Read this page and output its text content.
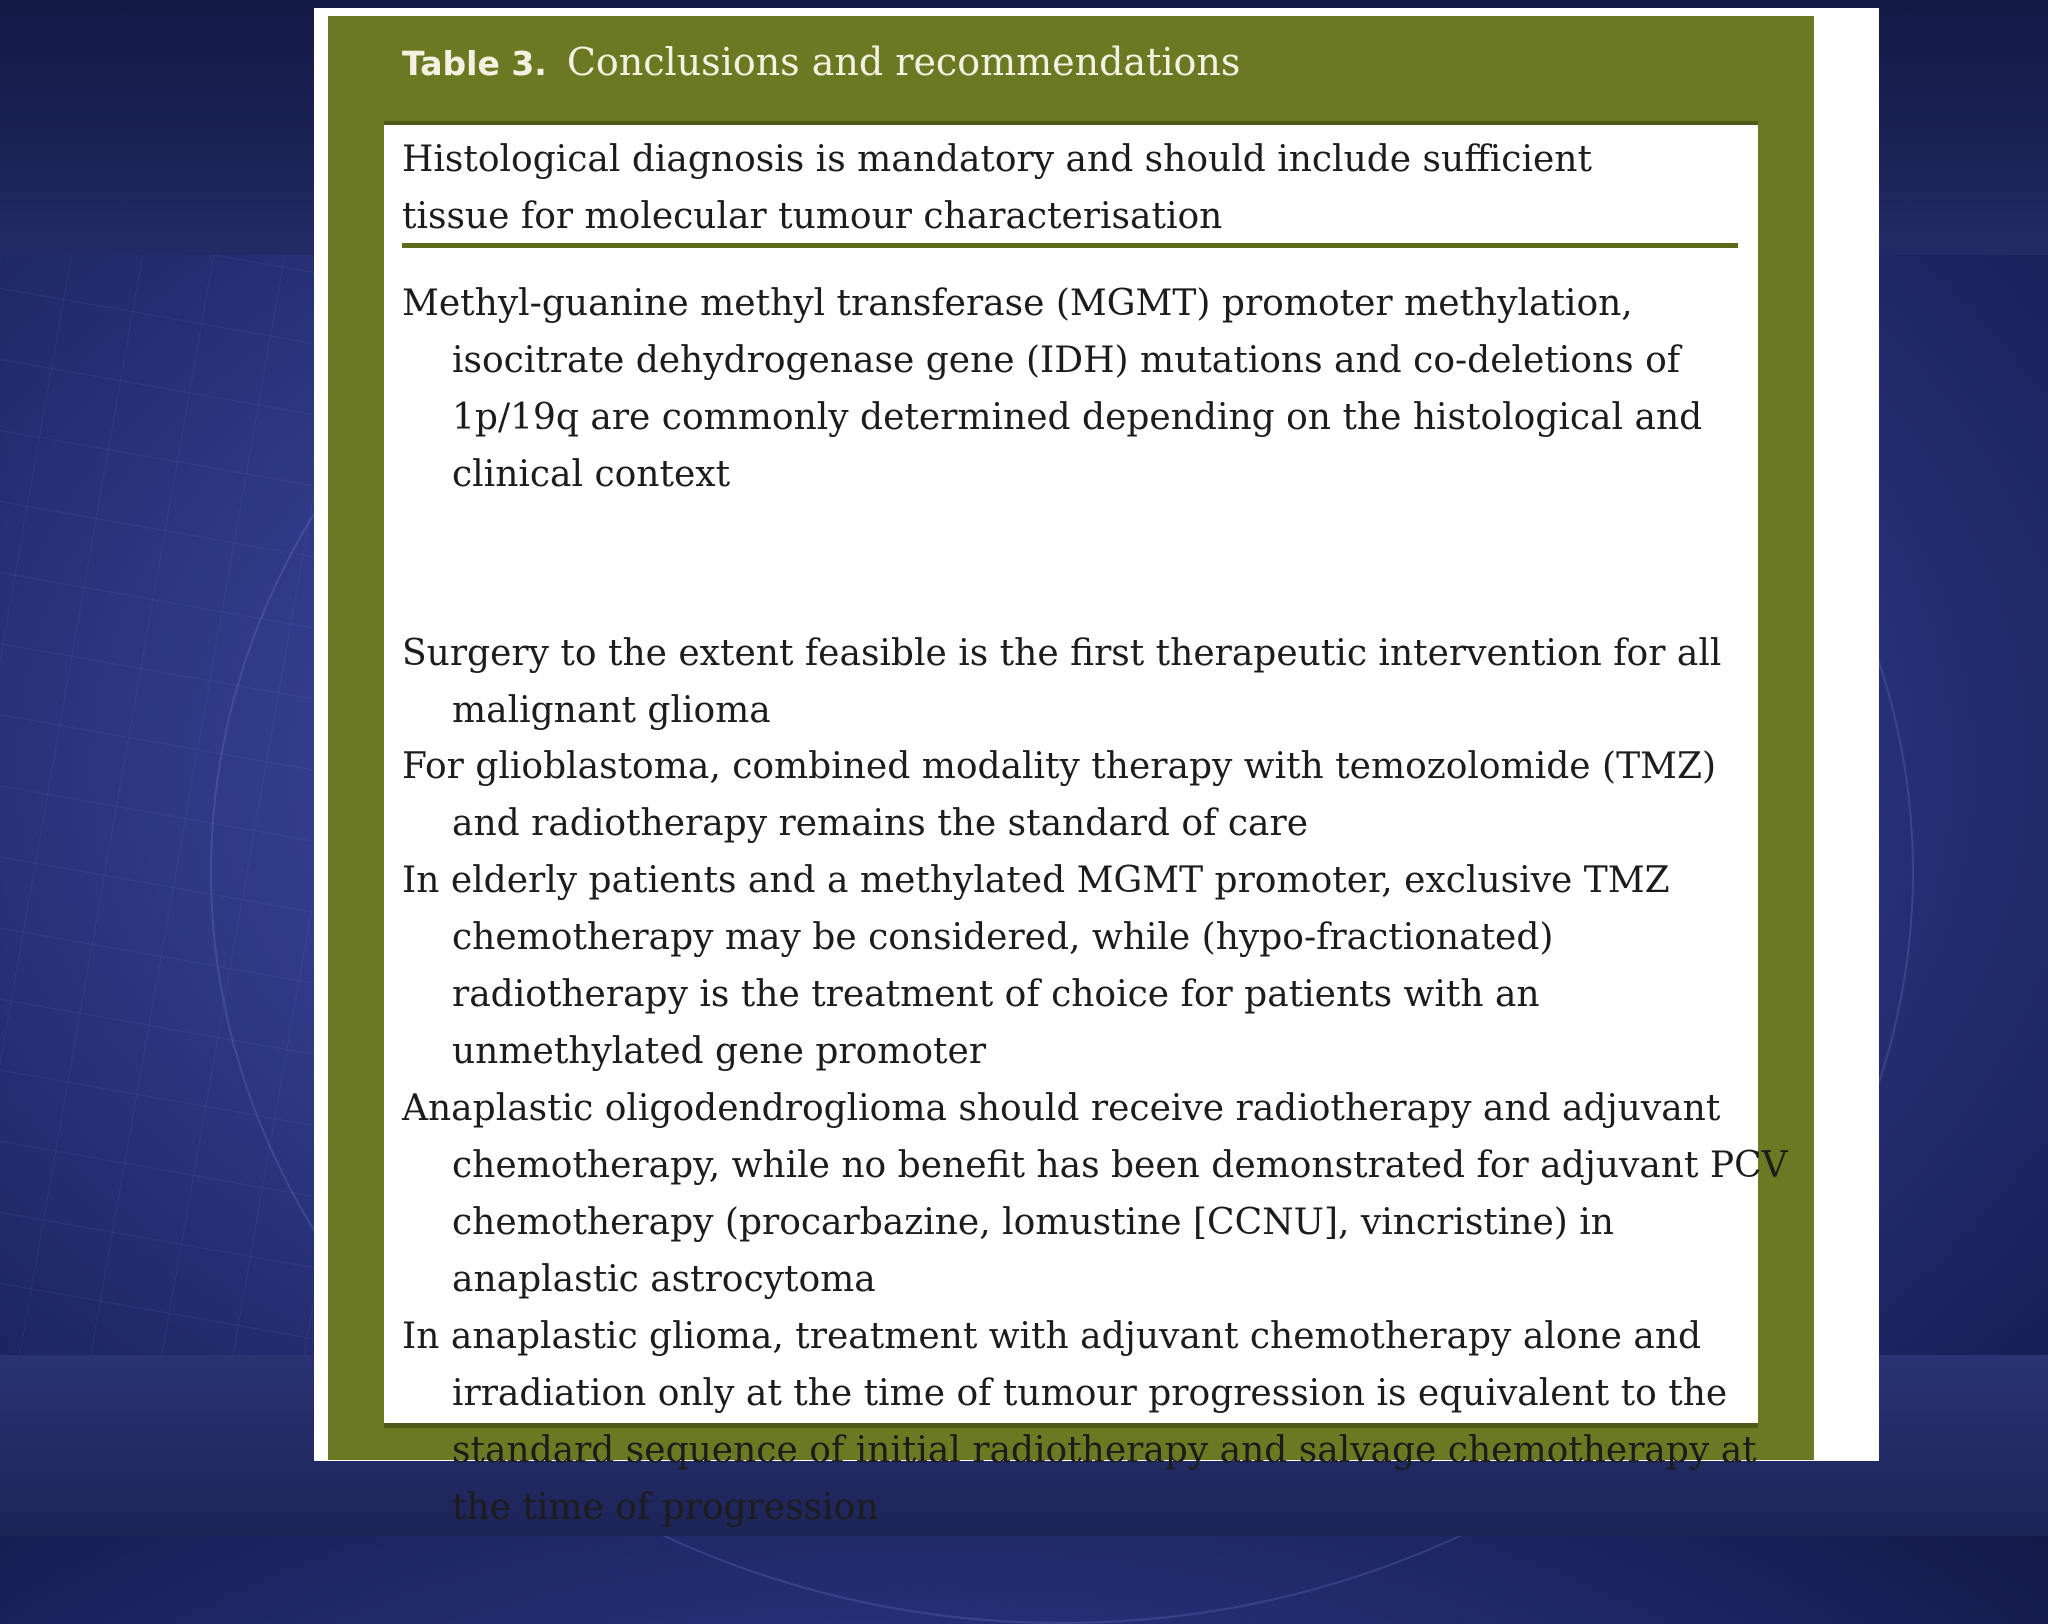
Table 3. Conclusions and recommendations
Histological diagnosis is mandatory and should include sufficient tissue for molecular tumour characterisation
Methyl-guanine methyl transferase (MGMT) promoter methylation, isocitrate dehydrogenase gene (IDH) mutations and co-deletions of 1p/19q are commonly determined depending on the histological and clinical context
Surgery to the extent feasible is the first therapeutic intervention for all malignant glioma
For glioblastoma, combined modality therapy with temozolomide (TMZ) and radiotherapy remains the standard of care
In elderly patients and a methylated MGMT promoter, exclusive TMZ chemotherapy may be considered, while (hypo-fractionated) radiotherapy is the treatment of choice for patients with an unmethylated gene promoter
Anaplastic oligodendroglioma should receive radiotherapy and adjuvant chemotherapy, while no benefit has been demonstrated for adjuvant PCV chemotherapy (procarbazine, lomustine [CCNU], vincristine) in anaplastic astrocytoma
In anaplastic glioma, treatment with adjuvant chemotherapy alone and irradiation only at the time of tumour progression is equivalent to the standard sequence of initial radiotherapy and salvage chemotherapy at the time of progression
